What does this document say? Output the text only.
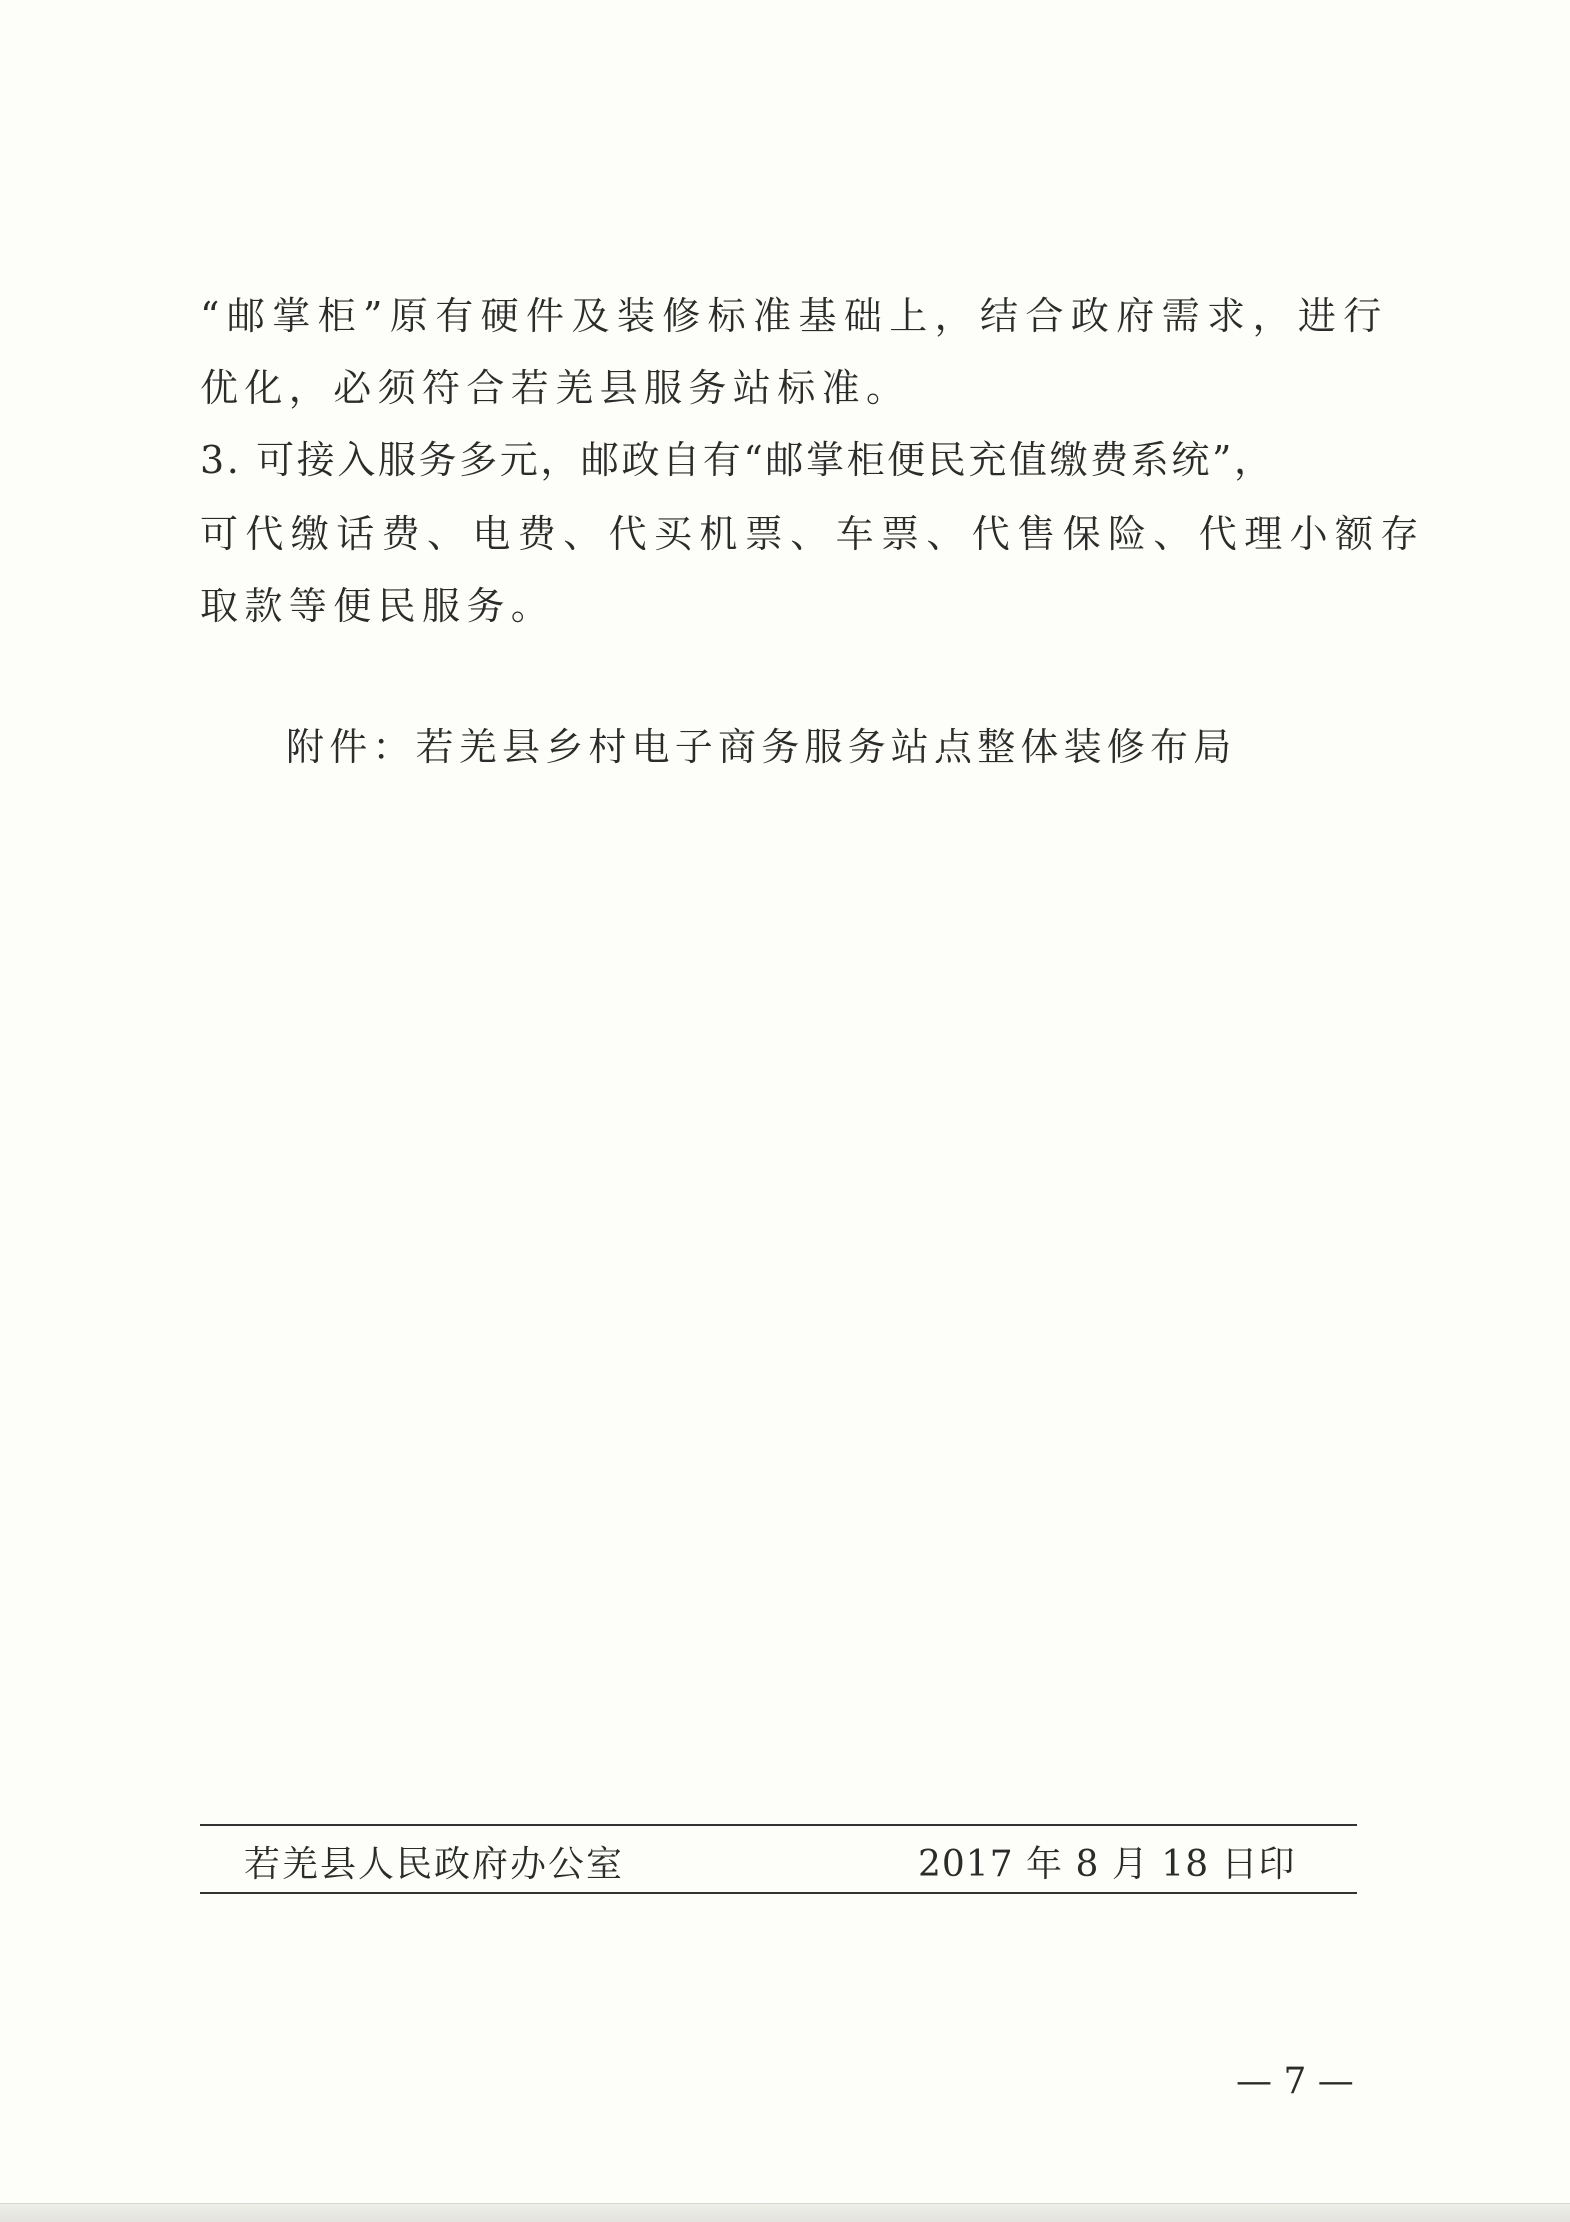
“邮掌柜”原有硬件及装修标准基础上，结合政府需求，进行
优化，必须符合若羌县服务站标准。
3. 可接入服务多元，邮政自有“邮掌柜便民充值缴费系统”，
可代缴话费、电费、代买机票、车票、代售保险、代理小额存
取款等便民服务。
附件：若羌县乡村电子商务服务站点整体装修布局
若羌县人民政府办公室	2017 年 8 月 18 日印
— 7 —
